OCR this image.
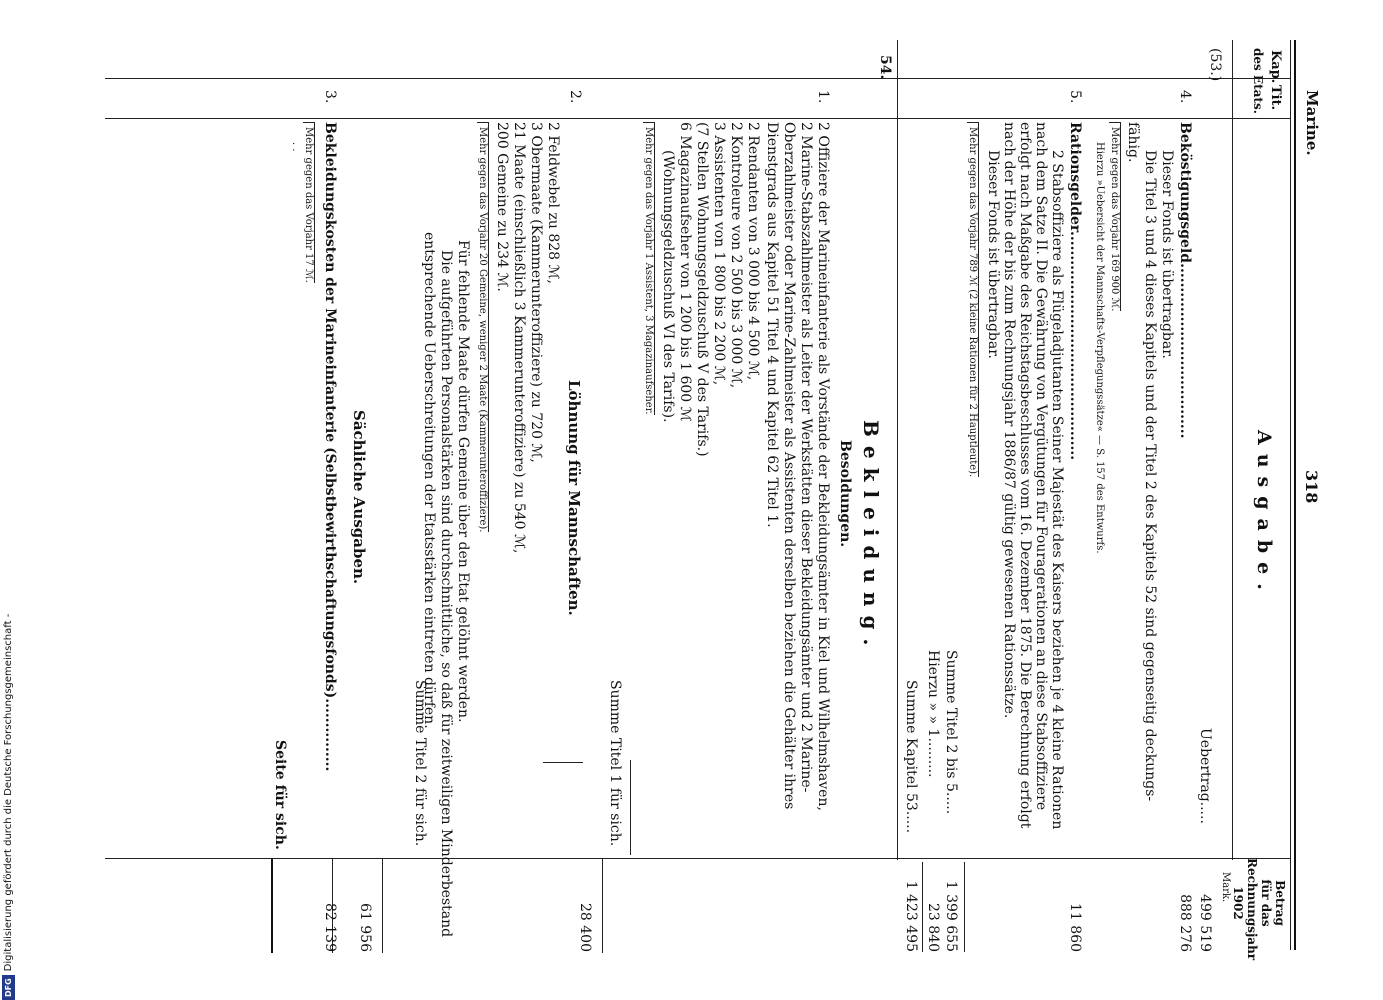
Marine.
318
Kap.
Tit.
des Etats.
Ausgabe.
Betrag
für das
Rechnungsjahr
1902
Mark.
(53.)
Uebertrag.....
499 519
4.
Beköstigungsgeld....................................
888 276
Dieser Fonds ist übertragbar.
Die Titel 3 und 4 dieses Kapitels und der Titel 2 des Kapitels 52 sind gegenseitig deckungs-
fähig.
Mehr gegen das Vorjahr 169 900 ℳ.
Hierzu »Uebersicht der Mannschafts-Verpflegungssätze« — S. 157 des Entwurfs.
5.
Rationsgelder...............................................
11 860
2 Stabsoffiziere als Flügeladjutanten Seiner Majestät des Kaisers beziehen je 4 kleine Rationen
nach dem Satze II. Die Gewährung von Vergütungen für Fouragerationen an diese Stabsoffiziere
erfolgt nach Maßgabe des Reichstagsbeschlusses vom 16. Dezember 1875. Die Berechnung erfolgt
nach der Höhe der bis zum Rechnungsjahr 1886/87 gültig gewesenen Rationssätze.
Dieser Fonds ist übertragbar.
Mehr gegen das Vorjahr 789 ℳ (2 kleine Rationen für 2 Hauptleute).
Summe Titel 2 bis 5.....
1 399 655
Hierzu » » 1.........
23 840
Summe Kapitel 53.....
1 423 495
54.
Bekleidung.
Besoldungen.
1.
2 Offiziere der Marineinfanterie als Vorstände der Bekleidungsämter in Kiel und Wilhelmshaven,
2 Marine-Stabszahlmeister als Leiter der Werkstätten dieser Bekleidungsämter und 2 Marine-
Oberzahlmeister oder Marine-Zahlmeister als Assistenten derselben beziehen die Gehälter ihres
Dienstgrads aus Kapitel 51 Titel 4 und Kapitel 62 Titel 1.
2 Rendanten von 3 000 bis 4 500 ℳ,
2 Kontroleure von 2 500 bis 3 000 ℳ,
3 Assistenten von 1 800 bis 2 200 ℳ,
(7 Stellen Wohnungsgeldzuschuß V des Tarifs.)
6 Magazinaufseher von 1 200 bis 1 600 ℳ
(Wohnungsgeldzuschuß VI des Tarifs).
Mehr gegen das Vorjahr 1 Assistent, 3 Magazinaufseher.
Summe Titel 1 für sich.
28 400
2.
Löhnung für Mannschaften.
2 Feldwebel zu 828 ℳ,
3 Obermaate (Kammerunteroffiziere) zu 720 ℳ,
21 Maate (einschließlich 3 Kammerunteroffiziere) zu 540 ℳ,
200 Gemeine zu 234 ℳ.
Mehr gegen das Vorjahr 20 Gemeine, weniger 2 Maate (Kammerunteroffiziere).
Für fehlende Maate dürfen Gemeine über den Etat gelöhnt werden.
Die aufgeführten Personalstärken sind durchschnittliche, so daß für zeitweiligen Minderbestand
entsprechende Ueberschreitungen der Etatsstärken eintreten dürfen.
Summe Titel 2 für sich.
61 956
Sächliche Ausgaben.
3.
Bekleidungskosten der Marineinfanterie (Selbstbewirthschaftungsfonds)...............
82 139
Mehr gegen das Vorjahr 17 ℳ.
· ·
Seite für sich.
DFG
Digitalisierung gefördert durch die Deutsche Forschungsgemeinschaft -
